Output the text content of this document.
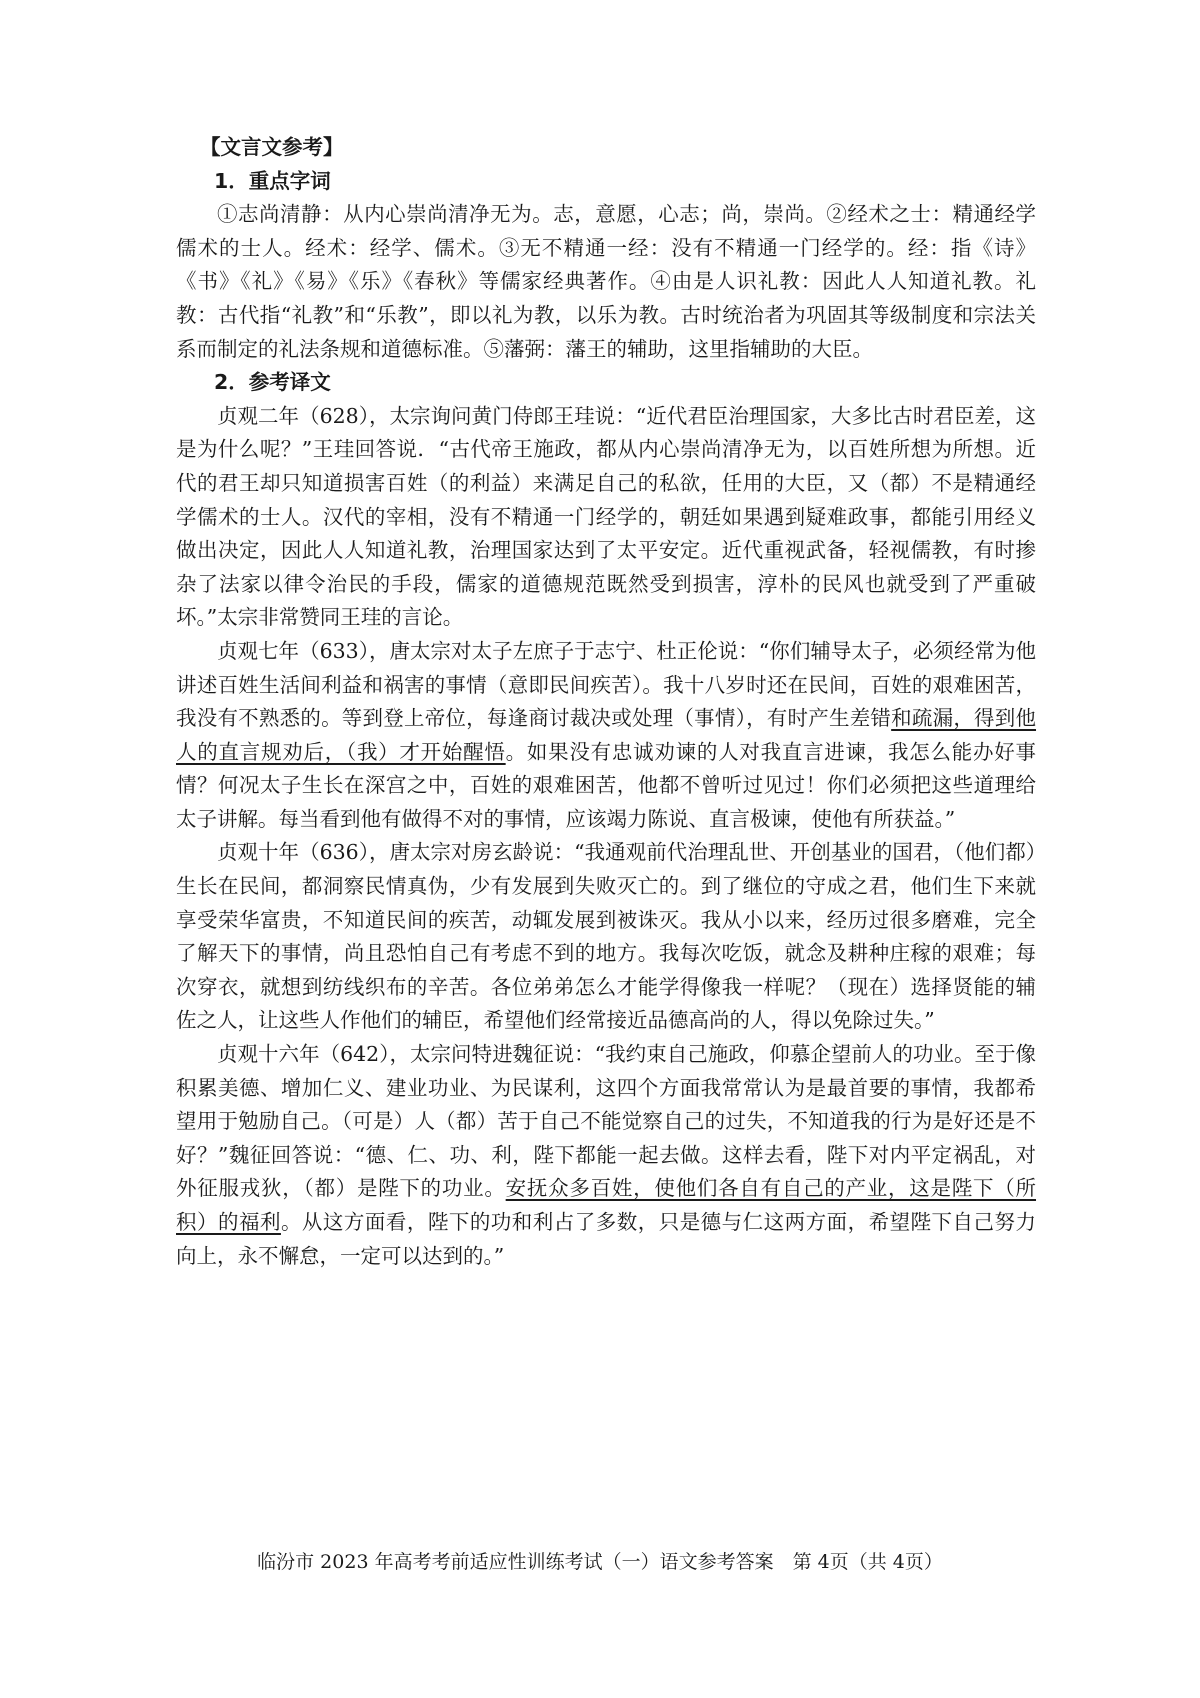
【文言文参考】
1．重点字词

①志尚清静：从内心崇尚清净无为。志，意愿，心志；尚，崇尚。②经术之士：精通经学儒术的士人。经术：经学、儒术。③无不精通一经：没有不精通一门经学的。经：指《诗》《书》《礼》《易》《乐》《春秋》等儒家经典著作。④由是人识礼教：因此人人知道礼教。礼教：古代指“礼教”和“乐教”，即以礼为教，以乐为教。古时统治者为巩固其等级制度和宗法关系而制定的礼法条规和道德标准。⑤藩弼：藩王的辅助，这里指辅助的大臣。

2．参考译文

贞观二年（628），太宗询问黄门侍郎王珪说：“近代君臣治理国家，大多比古时君臣差，这是为什么呢？”王珪回答说．“古代帝王施政，都从内心崇尚清净无为，以百姓所想为所想。近代的君王却只知道损害百姓（的利益）来满足自己的私欲，任用的大臣，又（都）不是精通经学儒术的士人。汉代的宰相，没有不精通一门经学的，朝廷如果遇到疑难政事，都能引用经义做出决定，因此人人知道礼教，治理国家达到了太平安定。近代重视武备，轻视儒教，有时掺杂了法家以律令治民的手段，儒家的道德规范既然受到损害，淳朴的民风也就受到了严重破坏。”太宗非常赞同王珪的言论。

贞观七年（633），唐太宗对太子左庶子于志宁、杜正伦说：“你们辅导太子，必须经常为他讲述百姓生活间利益和祸害的事情（意即民间疾苦）。我十八岁时还在民间，百姓的艰难困苦，我没有不熟悉的。等到登上帝位，每逢商讨裁决或处理（事情），有时产生差错和疏漏，得到他人的直言规劝后，（我）才开始醒悟。如果没有忠诚劝谏的人对我直言进谏，我怎么能办好事情？何况太子生长在深宫之中，百姓的艰难困苦，他都不曾听过见过！你们必须把这些道理给太子讲解。每当看到他有做得不对的事情，应该竭力陈说、直言极谏，使他有所获益。”

贞观十年（636），唐太宗对房玄龄说：“我通观前代治理乱世、开创基业的国君，（他们都）生长在民间，都洞察民情真伪，少有发展到失败灭亡的。到了继位的守成之君，他们生下来就享受荣华富贵，不知道民间的疾苦，动辄发展到被诛灭。我从小以来，经历过很多磨难，完全了解天下的事情，尚且恐怕自己有考虑不到的地方。我每次吃饭，就念及耕种庄稼的艰难；每次穿衣，就想到纺线织布的辛苦。各位弟弟怎么才能学得像我一样呢？（现在）选择贤能的辅佐之人，让这些人作他们的辅臣，希望他们经常接近品德高尚的人，得以免除过失。”

贞观十六年（642），太宗问特进魏征说：“我约束自己施政，仰慕企望前人的功业。至于像积累美德、增加仁义、建业功业、为民谋利，这四个方面我常常认为是最首要的事情，我都希望用于勉励自己。（可是）人（都）苦于自己不能觉察自己的过失，不知道我的行为是好还是不好？”魏征回答说：“德、仁、功、利，陛下都能一起去做。这样去看，陛下对内平定祸乱，对外征服戎狄，（都）是陛下的功业。安抚众多百姓，使他们各自有自己的产业，这是陛下（所积）的福利。从这方面看，陛下的功和利占了多数，只是德与仁这两方面，希望陛下自己努力向上，永不懈怠，一定可以达到的。”

临汾市 2023 年高考考前适应性训练考试（一）语文参考答案　第 4页（共 4页）
